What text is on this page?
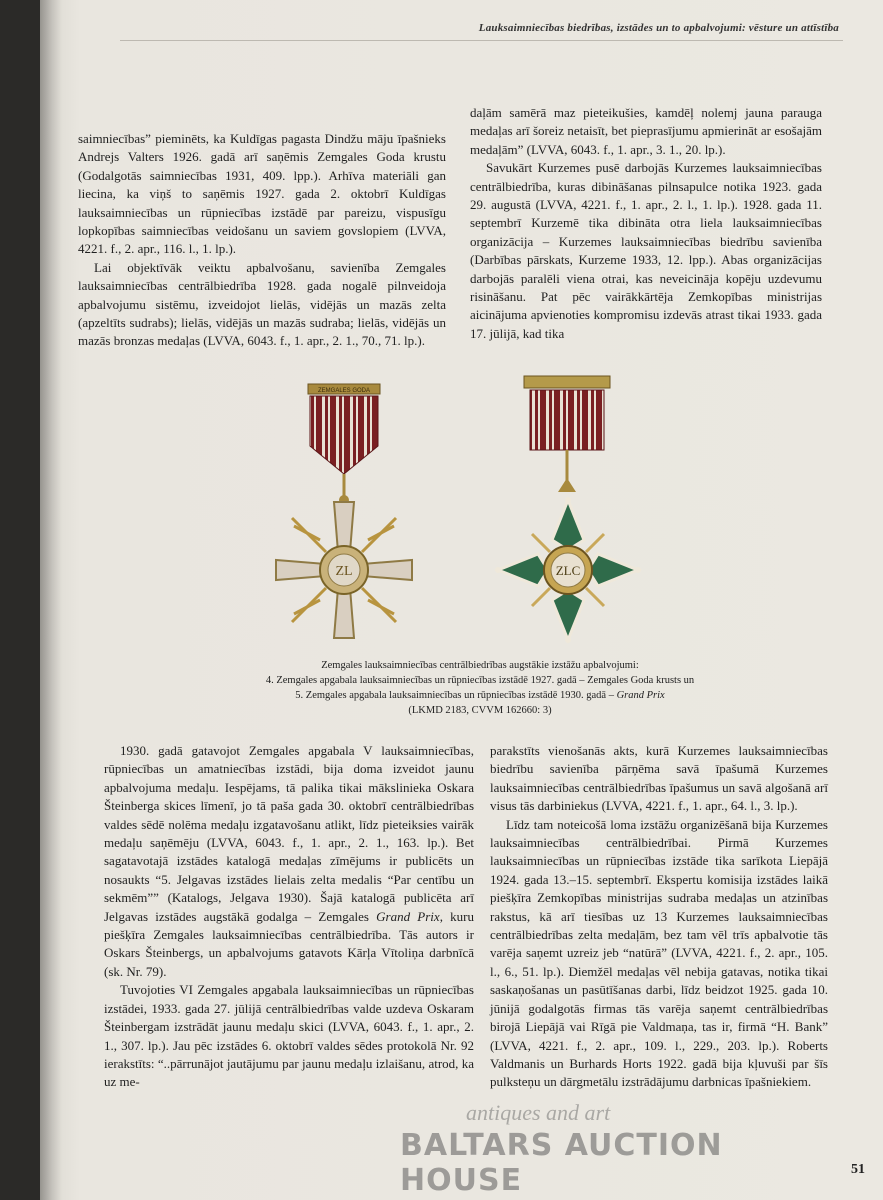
Lauksaimniecības biedrības, izstādes un to apbalvojumi: vēsture un attīstība

saimniecības” pieminēts, ka Kuldīgas pagasta Dindžu māju īpašnieks Andrejs Valters 1926. gadā arī saņēmis Zemgales Goda krustu (Godalgotās saimniecības 1931, 409. lpp.). Arhīva materiāli gan liecina, ka viņš to saņēmis 1927. gada 2. oktobrī Kuldīgas lauksaimniecības un rūpniecības izstādē par pareizu, vispusīgu lopkopības saimniecības veidošanu un saviem govslopiem (LVVA, 4221. f., 2. apr., 116. l., 1. lp.).

Lai objektīvāk veiktu apbalvošanu, savienība Zemgales lauksaimniecības centrālbiedrība 1928. gada nogalē pilnveidoja apbalvojumu sistēmu, izveidojot lielās, vidējās un mazās zelta (apzeltīts sudrabs); lielās, vidējās un mazās sudraba; lielās, vidējās un mazās bronzas medaļas (LVVA, 6043. f., 1. apr., 2. 1., 70., 71. lp.).

daļām samērā maz pieteikušies, kamdēļ nolemj jauna parauga medaļas arī šoreiz netaisīt, bet pieprasījumu apmierināt ar esošajām medaļām” (LVVA, 6043. f., 1. apr., 3. 1., 20. lp.).

Savukārt Kurzemes pusē darbojās Kurzemes lauksaimniecības centrālbiedrība, kuras dibināšanas pilnsapulce notika 1923. gada 29. augustā (LVVA, 4221. f., 1. apr., 2. l., 1. lp.). 1928. gada 11. septembrī Kurzemē tika dibināta otra liela lauksaimniecības organizācija – Kurzemes lauksaimniecības biedrību savienība (Darbības pārskats, Kurzeme 1933, 12. lpp.). Abas organizācijas darbojās paralēli viena otrai, kas neveicināja kopēju uzdevumu risināšanu. Pat pēc vairākkārtēja Zemkopības ministrijas aicinājuma apvienoties kompromisu izdevās atrast tikai 1933. gada 17. jūlijā, kad tika

ZEMGALES GODA
ZL	ZLC
Zemgales lauksaimniecības centrālbiedrības augstākie izstāžu apbalvojumi:
4. Zemgales apgabala lauksaimniecības un rūpniecības izstādē 1927. gadā – Zemgales Goda krusts un
5. Zemgales apgabala lauksaimniecības un rūpniecības izstādē 1930. gadā – Grand Prix
(LKMD 2183, CVVM 162660: 3)

1930. gadā gatavojot Zemgales apgabala V lauksaimniecības, rūpniecības un amatniecības izstādi, bija doma izveidot jaunu apbalvojuma medaļu. Iespējams, tā palika tikai mākslinieka Oskara Šteinberga skices līmenī, jo tā paša gada 30. oktobrī centrālbiedrības valdes sēdē nolēma medaļu izgatavošanu atlikt, līdz pieteiksies vairāk medaļu saņēmēju (LVVA, 6043. f., 1. apr., 2. 1., 163. lp.). Bet sagatavotajā izstādes katalogā medaļas zīmējums ir publicēts un nosaukts “5. Jelgavas izstādes lielais zelta medalis “Par centību un sekmēm”” (Katalogs, Jelgava 1930). Šajā katalogā publicēta arī Jelgavas izstādes augstākā godalga – Zemgales Grand Prix, kuru piešķīra Zemgales lauksaimniecības centrālbiedrība. Tās autors ir Oskars Šteinbergs, un apbalvojums gatavots Kārļa Vītoliņa darbnīcā (sk. Nr. 79).

Tuvojoties VI Zemgales apgabala lauksaimniecības un rūpniecības izstādei, 1933. gada 27. jūlijā centrālbiedrības valde uzdeva Oskaram Šteinbergam izstrādāt jaunu medaļu skici (LVVA, 6043. f., 1. apr., 2. 1., 307. lp.). Jau pēc izstādes 6. oktobrī valdes sēdes protokolā Nr. 92 ierakstīts: “..pārrunājot jautājumu par jaunu medaļu izlaišanu, atrod, ka uz me-

parakstīts vienošanās akts, kurā Kurzemes lauksaimniecības biedrību savienība pārņēma savā īpašumā Kurzemes lauksaimniecības centrālbiedrības īpašumus un savā algošanā arī visus tās darbiniekus (LVVA, 4221. f., 1. apr., 64. l., 3. lp.).

Līdz tam noteicošā loma izstāžu organizēšanā bija Kurzemes lauksaimniecības centrālbiedrībai. Pirmā Kurzemes lauksaimniecības un rūpniecības izstāde tika sarīkota Liepājā 1924. gada 13.–15. septembrī. Ekspertu komisija izstādes laikā piešķīra Zemkopības ministrijas sudraba medaļas un atzinības rakstus, kā arī tiesības uz 13 Kurzemes lauksaimniecības centrālbiedrības zelta medaļām, bez tam vēl trīs apbalvotie tās varēja saņemt uzreiz jeb “natūrā” (LVVA, 4221. f., 2. apr., 105. l., 6., 51. lp.). Diemžēl medaļas vēl nebija gatavas, notika tikai saskaņošanas un pasūtīšanas darbi, līdz beidzot 1925. gada 10. jūnijā godalgotās firmas tās varēja saņemt centrālbiedrības birojā Liepājā vai Rīgā pie Valdmaņa, tas ir, firmā “H. Bank” (LVVA, 4221. f., 2. apr., 109. l., 229., 203. lp.). Roberts Valdmanis un Burhards Horts 1922. gadā bija kļuvuši par šīs pulksteņu un dārgmetālu izstrādājumu darbnicas īpašniekiem.

antiques and art
BALTARS AUCTION HOUSE	51
